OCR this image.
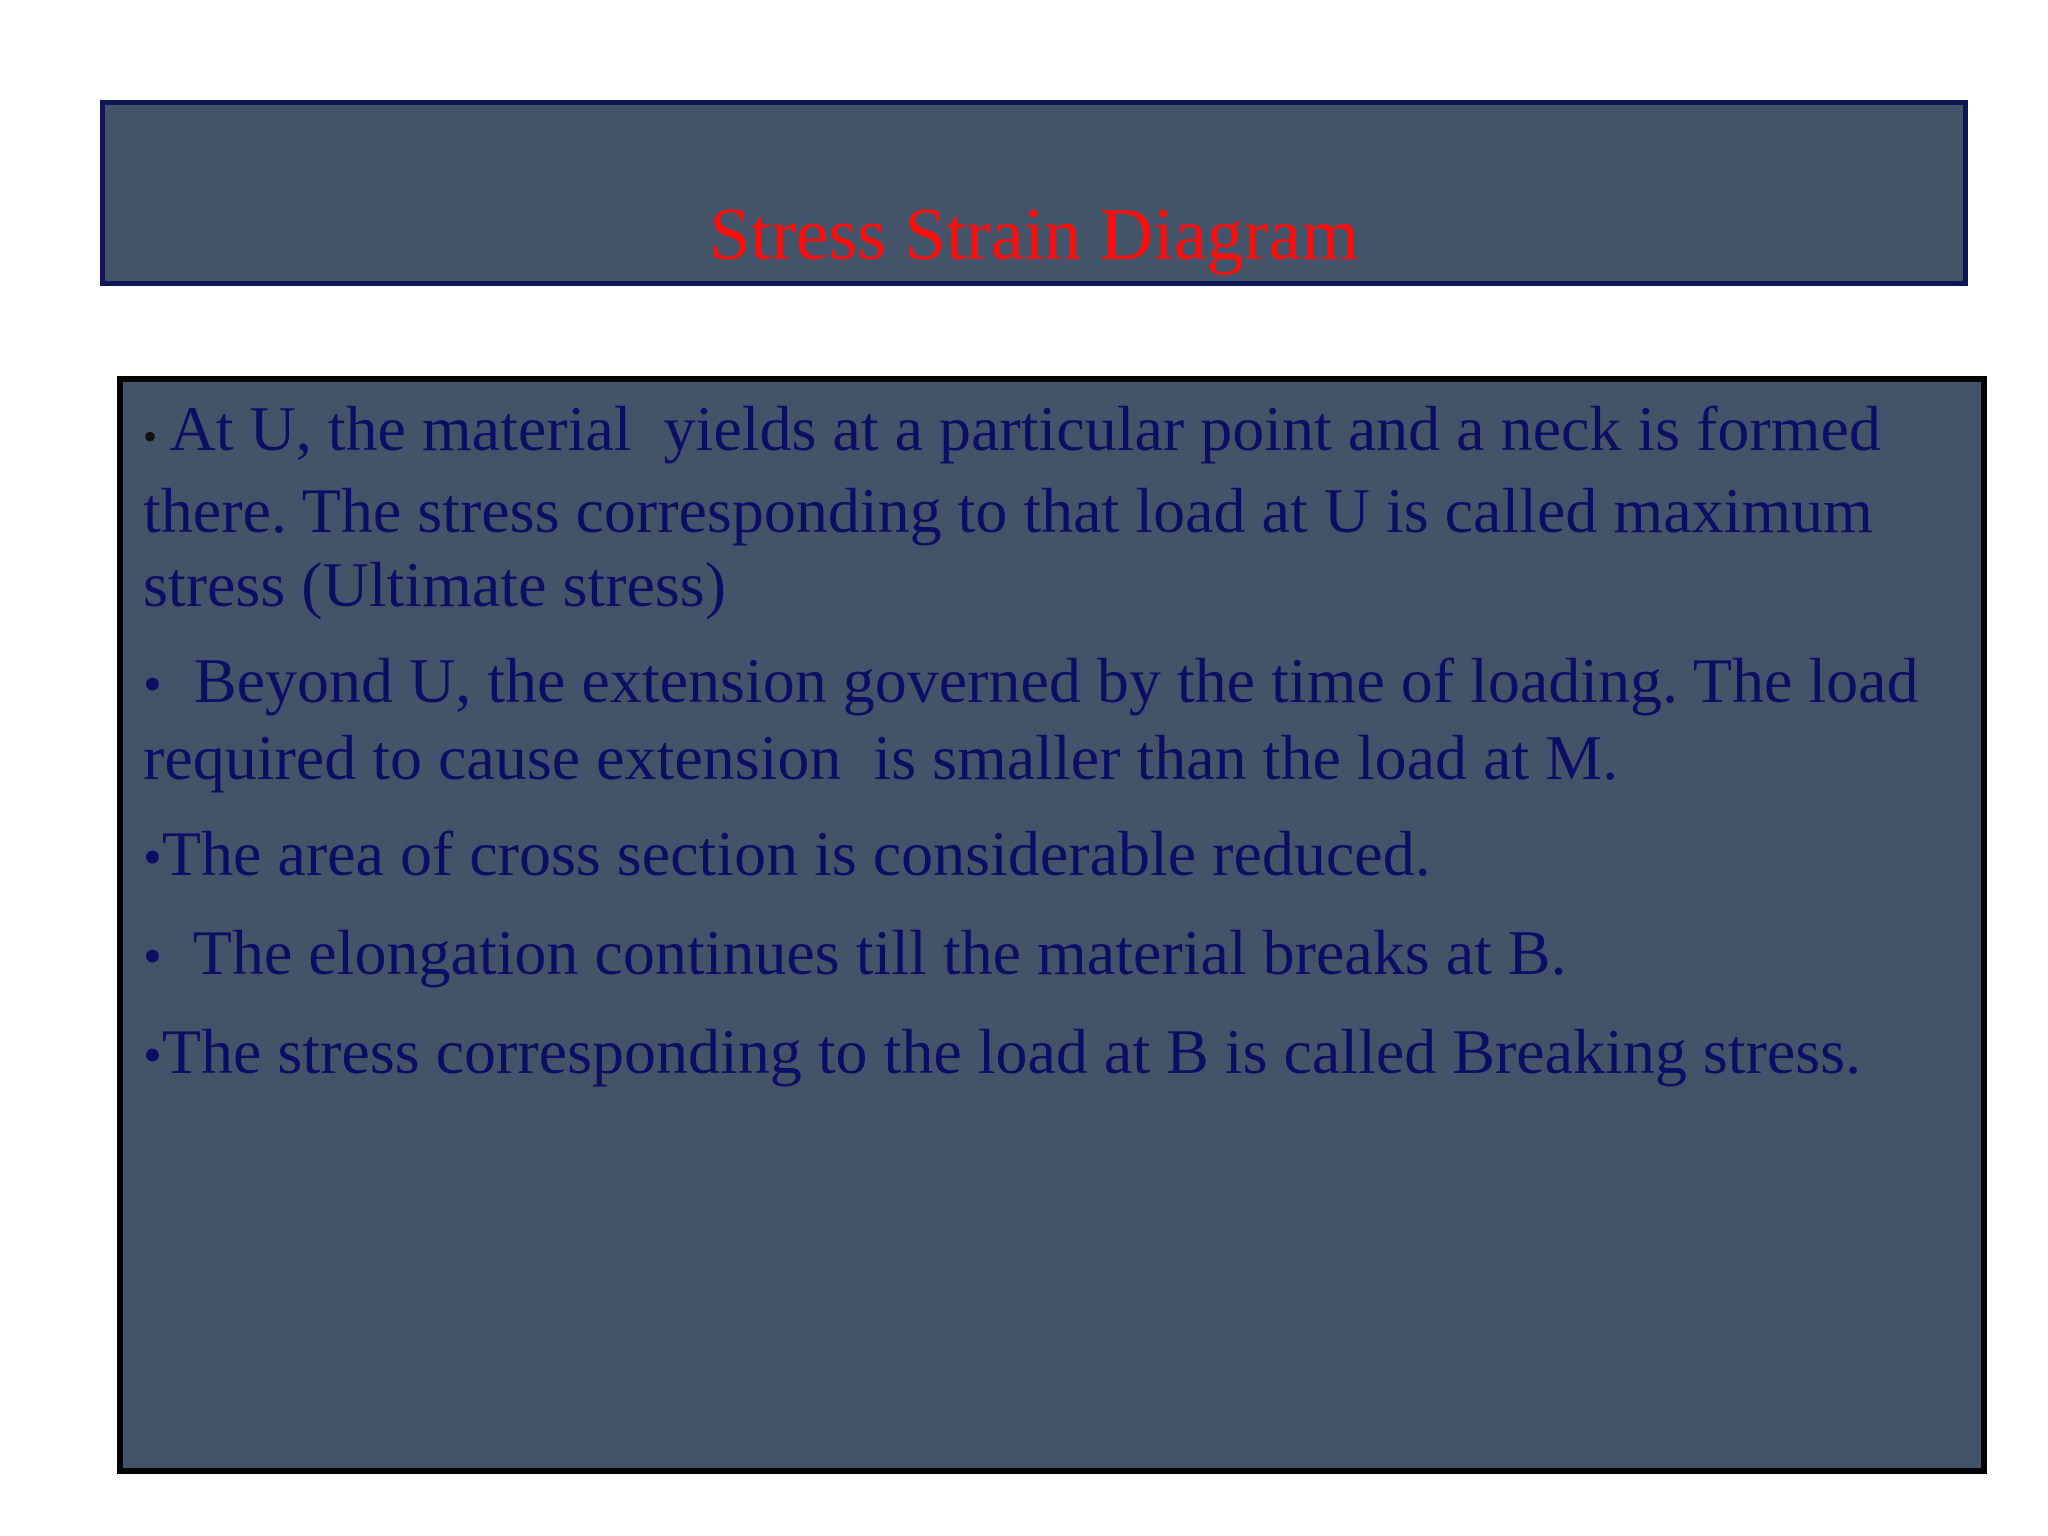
Stress Strain Diagram
• At U, the material  yields at a particular point and a neck is formed there. The stress corresponding to that load at U is called maximum stress (Ultimate stress)
•  Beyond U, the extension governed by the time of loading. The load required to cause extension  is smaller than the load at M.
•The area of cross section is considerable reduced.
•  The elongation continues till the material breaks at B.
•The stress corresponding to the load at B is called Breaking stress.
